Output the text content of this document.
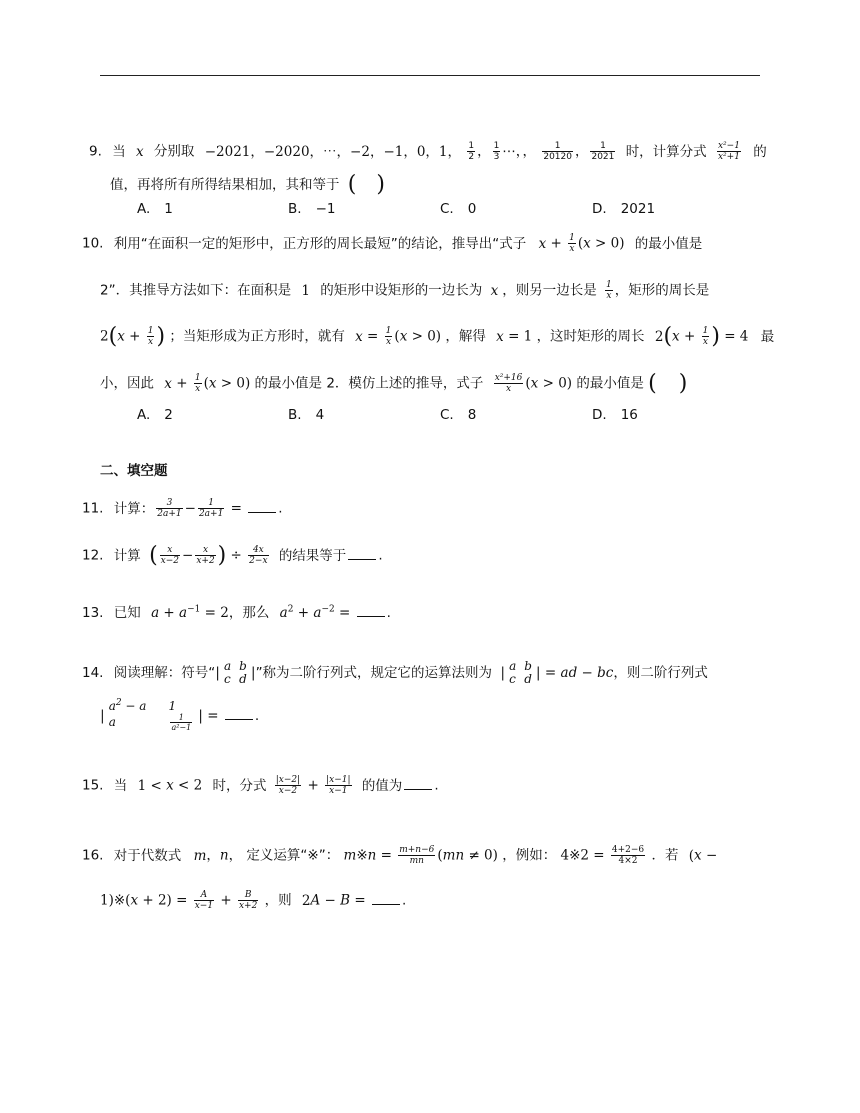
9. 当 x 分别取 −2021，−2020，⋯，−2，−1，0，1， $\frac{1}{2}$ ， $\frac{1}{3}$ ⋯，， $\frac{1}{20120}$ ， $\frac{1}{2021}$ 时，计算分式 $\frac{\text{x²−1}}{\text{x²+1}}$ 的
值，再将所有所得结果相加，其和等于 ( )
A. 1	B. −1	C. 0	D. 2021
10. 利用“在面积一定的矩形中，正方形的周长最短”的结论，推导出“式子 $x + \frac{1}{x} (x > 0)$ 的最小值是
2”．其推导方法如下：在面积是 1 的矩形中设矩形的一边长为 x ，则另一边长是 $\frac{1}{x}$ ，矩形的周长是
$2(x + \frac{1}{x}$ ) ；当矩形成为正方形时，就有 $x = \frac{1}{x} (x > 0)$ ，解得 x = 1 ，这时矩形的周长 $2(x + \frac{1}{x}$ ) = 4 最
小，因此 $x + \frac{1}{x} (x > 0)$ 的最小值是 2．模仿上述的推导，式子 $\frac{\text{x²+16}}{x} (x > 0)$ 的最小值是 ( )
A. 2	B. 4	C. 8	D. 16
二、填空题
11. 计算： $\frac{3}{2a+1} - \frac{1}{2a+1}$ = .
12. 计算 ( $\frac{x}{x-2} - \frac{x}{x+2}$ ) ÷ $\frac{4x}{2-x}$ 的结果等于 .
13. 已知 $a + a^{-1} = 2$，那么 $a^2 + a^{-2}$ = .
14. 阅读理解：符号“| a	b
c	d |”称为二阶行列式，规定它的运算法则为 | a	b
c	d | = ad − bc，则二阶行列式
$|a^2 - a$	1
a	$\frac{1}{\text{a²−1}}$ | = .
15. 当 1 < x < 2 时，分式 $\frac{|x-2|}{x-2} + \frac{|x-1|}{x-1}$ 的值为 .
16. 对于代数式 m，n， 定义运算“※”： m※n = $\frac{m+n-6}{mn} (mn \ne 0)$ ，例如： 4※2 = $\frac{4+2-6}{4\times 2}$ ．若 (x −
1)※(x + $2) = \frac{A}{x-1} + \frac{B}{x+2}$ ，则 2A − B = .
